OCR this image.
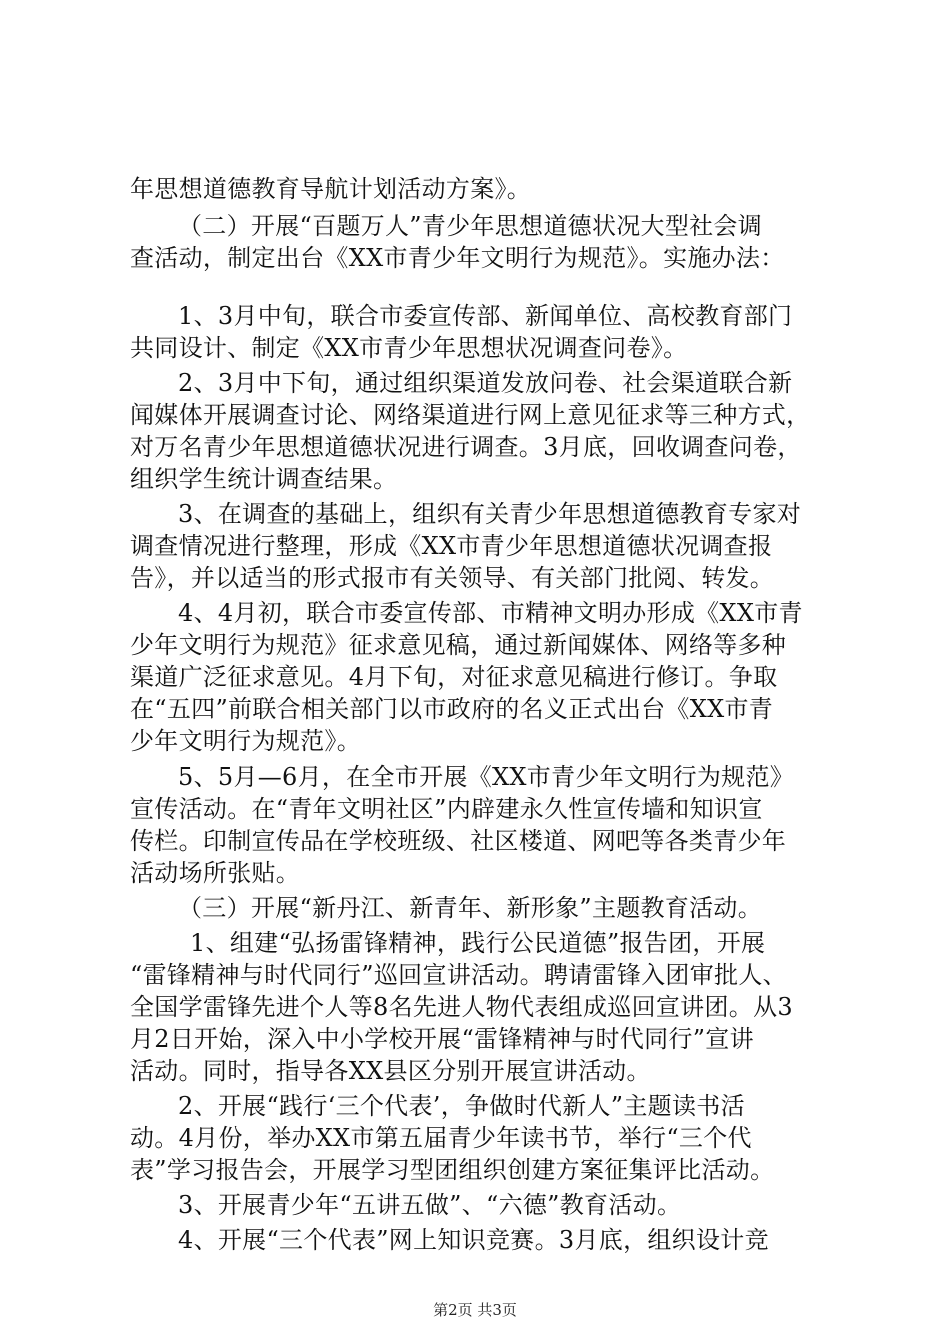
年思想道德教育导航计划活动方案》。
（二）开展“百题万人”青少年思想道德状况大型社会调
查活动，制定出台《XX市青少年文明行为规范》。实施办法：
1、3月中旬，联合市委宣传部、新闻单位、高校教育部门
共同设计、制定《XX市青少年思想状况调查问卷》。
2、3月中下旬，通过组织渠道发放问卷、社会渠道联合新
闻媒体开展调查讨论、网络渠道进行网上意见征求等三种方式，
对万名青少年思想道德状况进行调查。3月底，回收调查问卷，
组织学生统计调查结果。
3、在调查的基础上，组织有关青少年思想道德教育专家对
调查情况进行整理，形成《XX市青少年思想道德状况调查报
告》，并以适当的形式报市有关领导、有关部门批阅、转发。
4、4月初，联合市委宣传部、市精神文明办形成《XX市青
少年文明行为规范》征求意见稿，通过新闻媒体、网络等多种
渠道广泛征求意见。4月下旬，对征求意见稿进行修订。争取
在“五四”前联合相关部门以市政府的名义正式出台《XX市青
少年文明行为规范》。
5、5月—6月，在全市开展《XX市青少年文明行为规范》
宣传活动。在“青年文明社区”内辟建永久性宣传墙和知识宣
传栏。印制宣传品在学校班级、社区楼道、网吧等各类青少年
活动场所张贴。
（三）开展“新丹江、新青年、新形象”主题教育活动。
1、组建“弘扬雷锋精神，践行公民道德”报告团，开展
“雷锋精神与时代同行”巡回宣讲活动。聘请雷锋入团审批人、
全国学雷锋先进个人等8名先进人物代表组成巡回宣讲团。从3
月2日开始，深入中小学校开展“雷锋精神与时代同行”宣讲
活动。同时，指导各XX县区分别开展宣讲活动。
2、开展“践行‘三个代表’，争做时代新人”主题读书活
动。4月份，举办XX市第五届青少年读书节，举行“三个代
表”学习报告会，开展学习型团组织创建方案征集评比活动。
3、开展青少年“五讲五做”、“六德”教育活动。
4、开展“三个代表”网上知识竞赛。3月底，组织设计竞
第2页 共3页
